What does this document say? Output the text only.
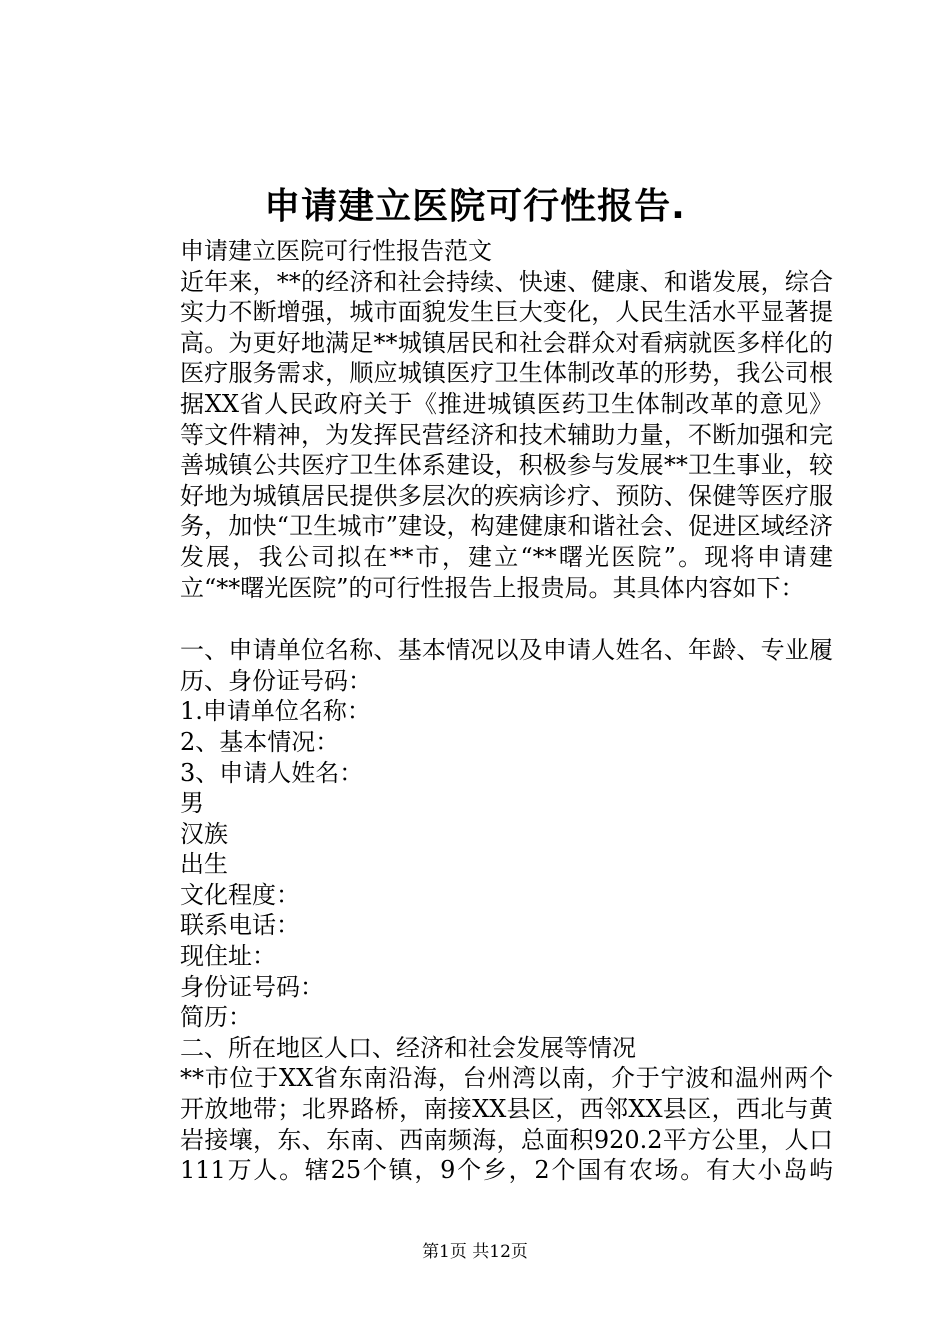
申请建立医院可行性报告.

申请建立医院可行性报告范文

近年来，**的经济和社会持续、快速、健康、和谐发展，综合实力不断增强，城市面貌发生巨大变化，人民生活水平显著提高。为更好地满足**城镇居民和社会群众对看病就医多样化的医疗服务需求，顺应城镇医疗卫生体制改革的形势，我公司根据XX省人民政府关于《推进城镇医药卫生体制改革的意见》等文件精神，为发挥民营经济和技术辅助力量，不断加强和完善城镇公共医疗卫生体系建设，积极参与发展**卫生事业，较好地为城镇居民提供多层次的疾病诊疗、预防、保健等医疗服务，加快“卫生城市”建设，构建健康和谐社会、促进区域经济发展，我公司拟在**市，建立“**曙光医院”。现将申请建立“**曙光医院”的可行性报告上报贵局。其具体内容如下：

一、申请单位名称、基本情况以及申请人姓名、年龄、专业履历、身份证号码：

1.申请单位名称：

2、基本情况：

3、申请人姓名：

男

汉族

出生

文化程度：

联系电话：

现住址：

身份证号码：

简历：

二、所在地区人口、经济和社会发展等情况

**市位于XX省东南沿海，台州湾以南，介于宁波和温州两个开放地带；北界路桥，南接XX县区，西邻XX县区，西北与黄岩接壤，东、东南、西南频海，总面积920.2平方公里，人口111万人。辖25个镇，9个乡，2个国有农场。有大小岛屿

第1页 共12页
